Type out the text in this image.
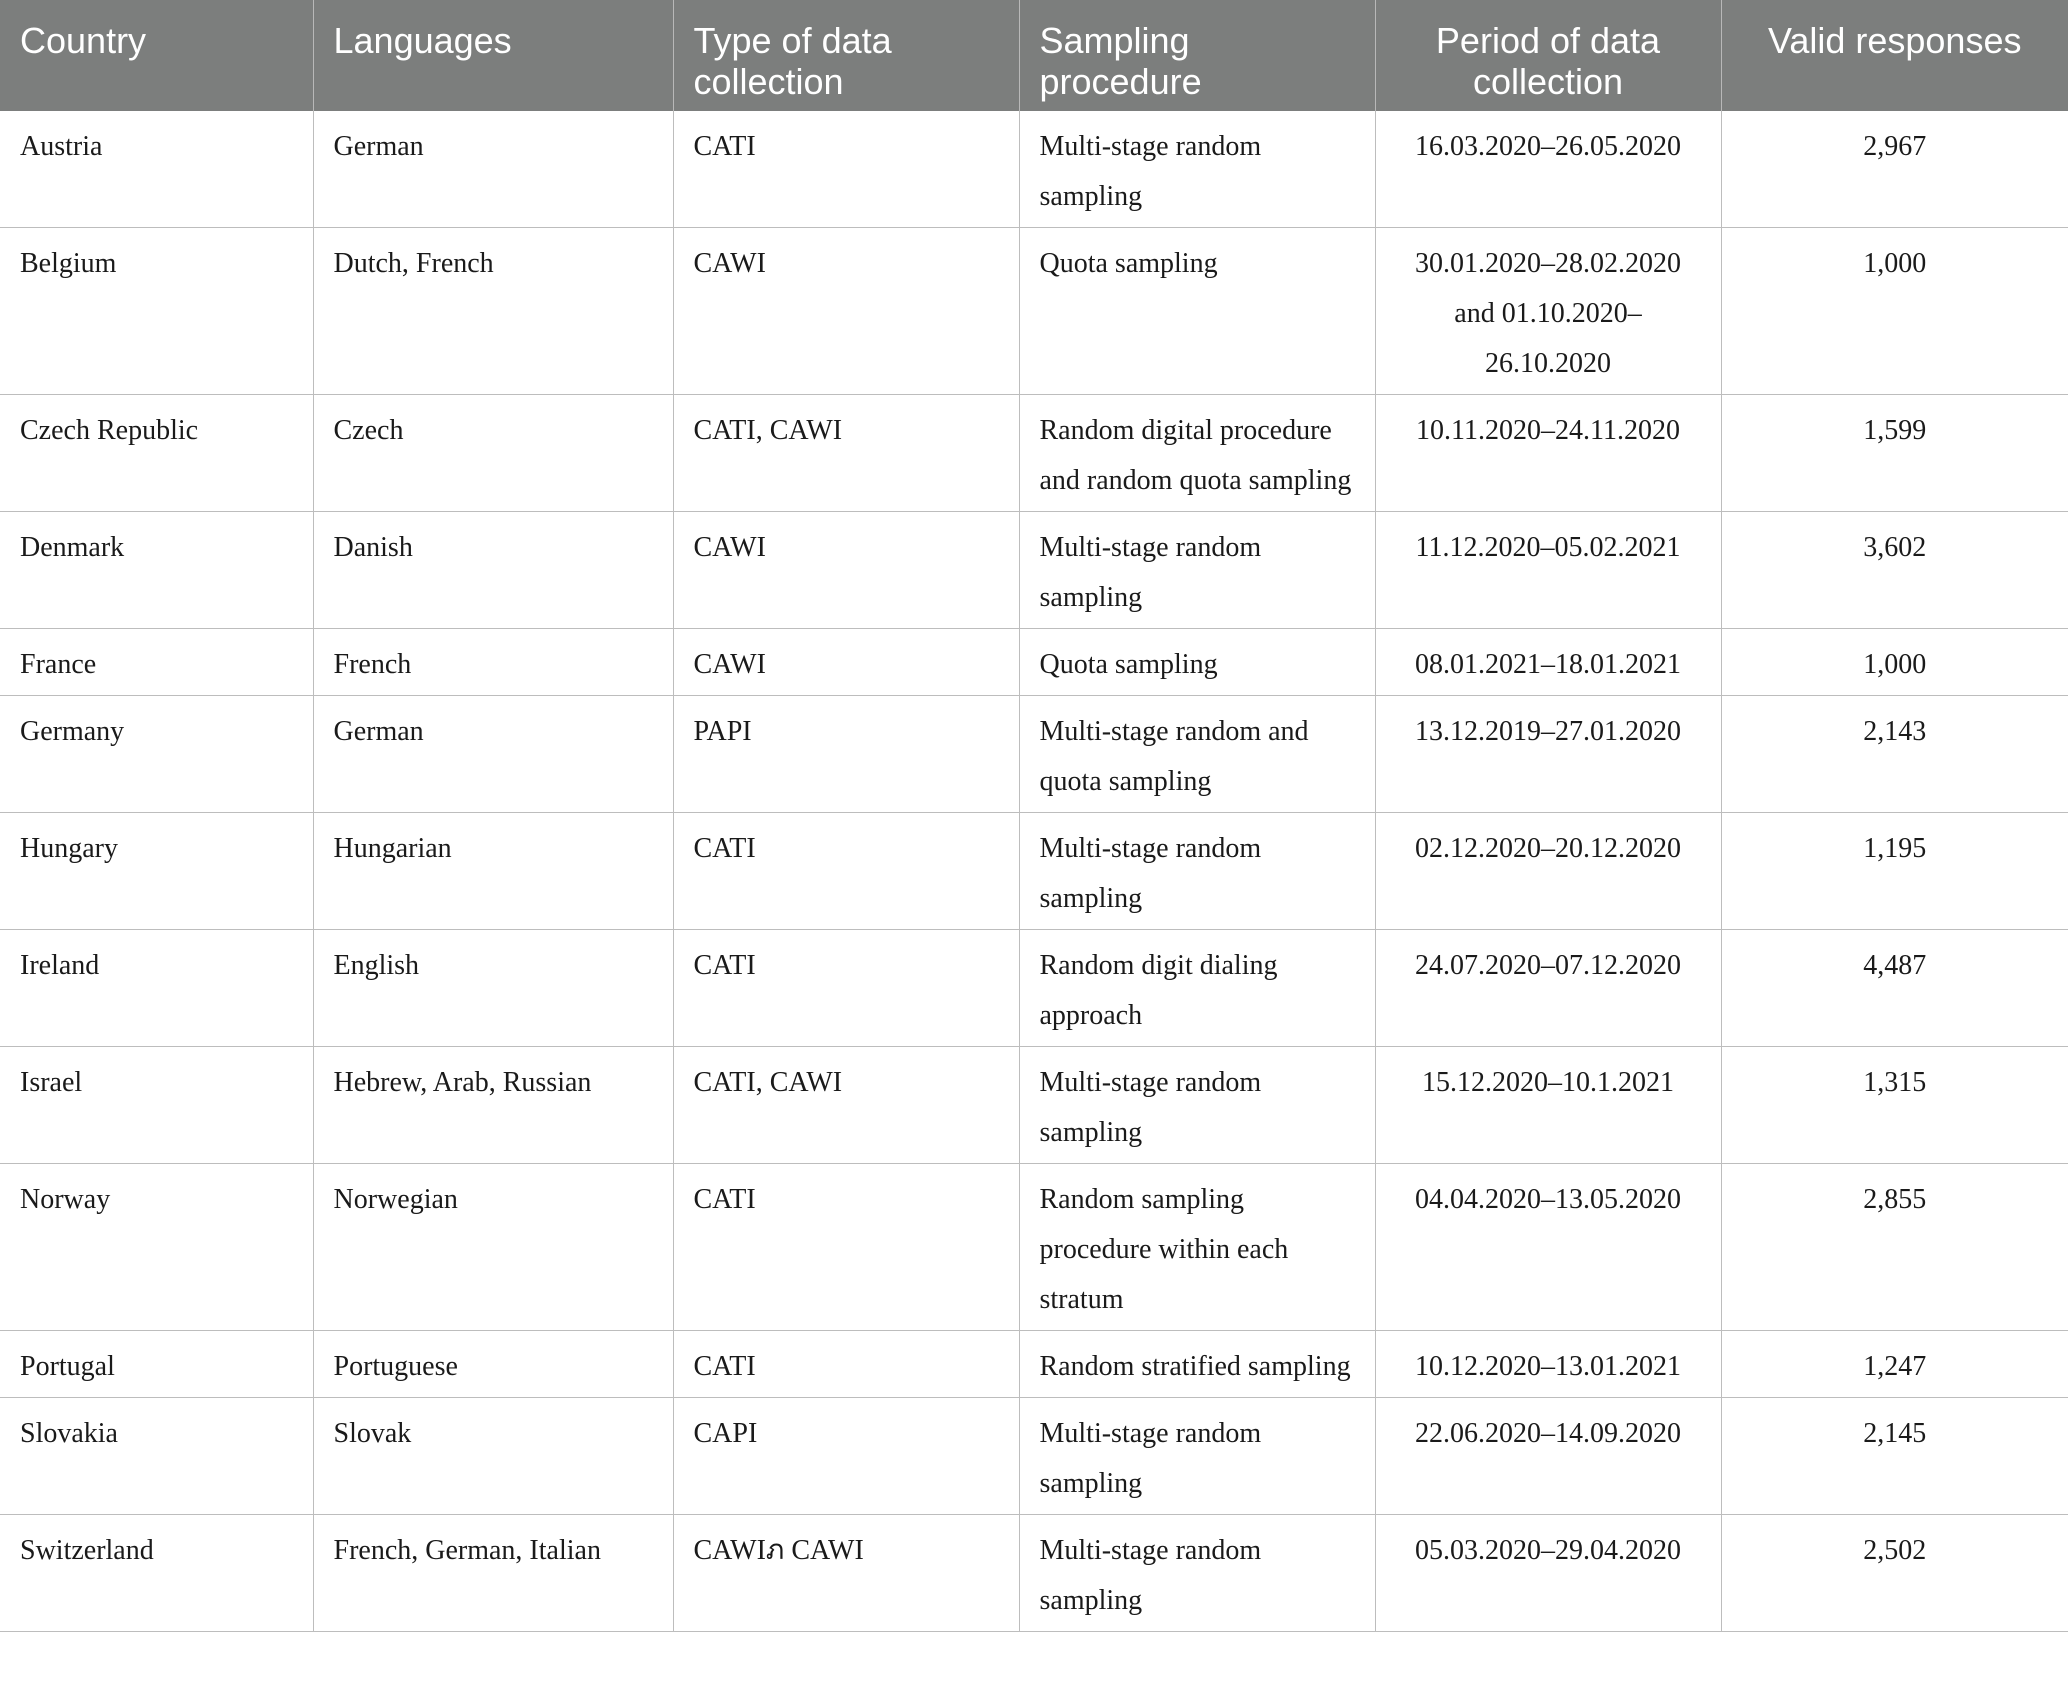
Country	Languages	Type of data collection	Sampling procedure	Period of data collection	Valid responses
Austria	German	CATI	Multi-stage random sampling	16.03.2020–26.05.2020	2,967
Belgium	Dutch, French	CAWI	Quota sampling	30.01.2020–28.02.2020 and 01.10.2020–26.10.2020	1,000
Czech Republic	Czech	CATI, CAWI	Random digital procedure and random quota sampling	10.11.2020–24.11.2020	1,599
Denmark	Danish	CAWI	Multi-stage random sampling	11.12.2020–05.02.2021	3,602
France	French	CAWI	Quota sampling	08.01.2021–18.01.2021	1,000
Germany	German	PAPI	Multi-stage random and quota sampling	13.12.2019–27.01.2020	2,143
Hungary	Hungarian	CATI	Multi-stage random sampling	02.12.2020–20.12.2020	1,195
Ireland	English	CATI	Random digit dialing approach	24.07.2020–07.12.2020	4,487
Israel	Hebrew, Arab, Russian	CATI, CAWI	Multi-stage random sampling	15.12.2020–10.1.2021	1,315
Norway	Norwegian	CATI	Random sampling procedure within each stratum	04.04.2020–13.05.2020	2,855
Portugal	Portuguese	CATI	Random stratified sampling	10.12.2020–13.01.2021	1,247
Slovakia	Slovak	CAPI	Multi-stage random sampling	22.06.2020–14.09.2020	2,145
Switzerland	French, German, Italian	CAWIภ CAWI	Multi-stage random sampling	05.03.2020–29.04.2020	2,502
